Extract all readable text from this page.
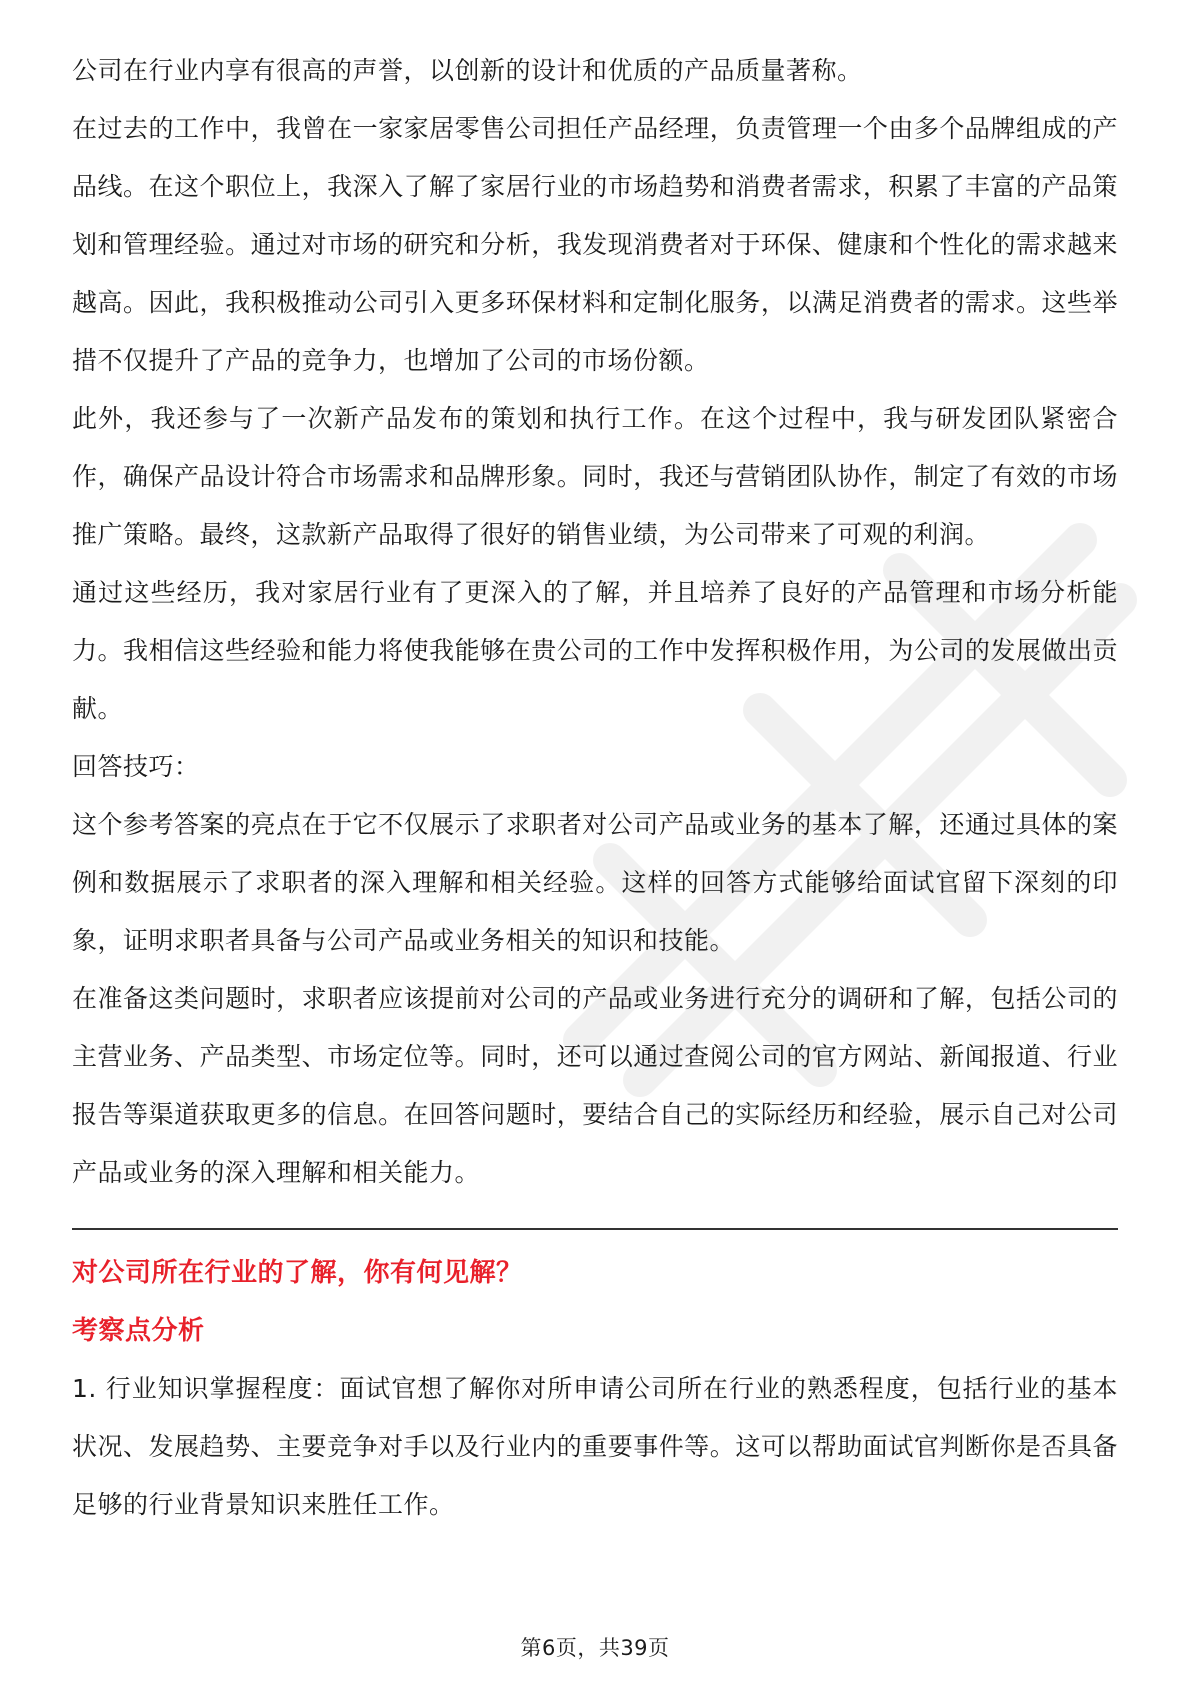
公司在行业内享有很高的声誉，以创新的设计和优质的产品质量著称。

在过去的工作中，我曾在一家家居零售公司担任产品经理，负责管理一个由多个品牌组成的产品线。在这个职位上，我深入了解了家居行业的市场趋势和消费者需求，积累了丰富的产品策划和管理经验。通过对市场的研究和分析，我发现消费者对于环保、健康和个性化的需求越来越高。因此，我积极推动公司引入更多环保材料和定制化服务，以满足消费者的需求。这些举措不仅提升了产品的竞争力，也增加了公司的市场份额。

此外，我还参与了一次新产品发布的策划和执行工作。在这个过程中，我与研发团队紧密合作，确保产品设计符合市场需求和品牌形象。同时，我还与营销团队协作，制定了有效的市场推广策略。最终，这款新产品取得了很好的销售业绩，为公司带来了可观的利润。

通过这些经历，我对家居行业有了更深入的了解，并且培养了良好的产品管理和市场分析能力。我相信这些经验和能力将使我能够在贵公司的工作中发挥积极作用，为公司的发展做出贡献。

回答技巧：

这个参考答案的亮点在于它不仅展示了求职者对公司产品或业务的基本了解，还通过具体的案例和数据展示了求职者的深入理解和相关经验。这样的回答方式能够给面试官留下深刻的印象，证明求职者具备与公司产品或业务相关的知识和技能。

在准备这类问题时，求职者应该提前对公司的产品或业务进行充分的调研和了解，包括公司的主营业务、产品类型、市场定位等。同时，还可以通过查阅公司的官方网站、新闻报道、行业报告等渠道获取更多的信息。在回答问题时，要结合自己的实际经历和经验，展示自己对公司产品或业务的深入理解和相关能力。

对公司所在行业的了解，你有何见解？

考察点分析

1. 行业知识掌握程度：面试官想了解你对所申请公司所在行业的熟悉程度，包括行业的基本状况、发展趋势、主要竞争对手以及行业内的重要事件等。这可以帮助面试官判断你是否具备足够的行业背景知识来胜任工作。

第6页，共39页
